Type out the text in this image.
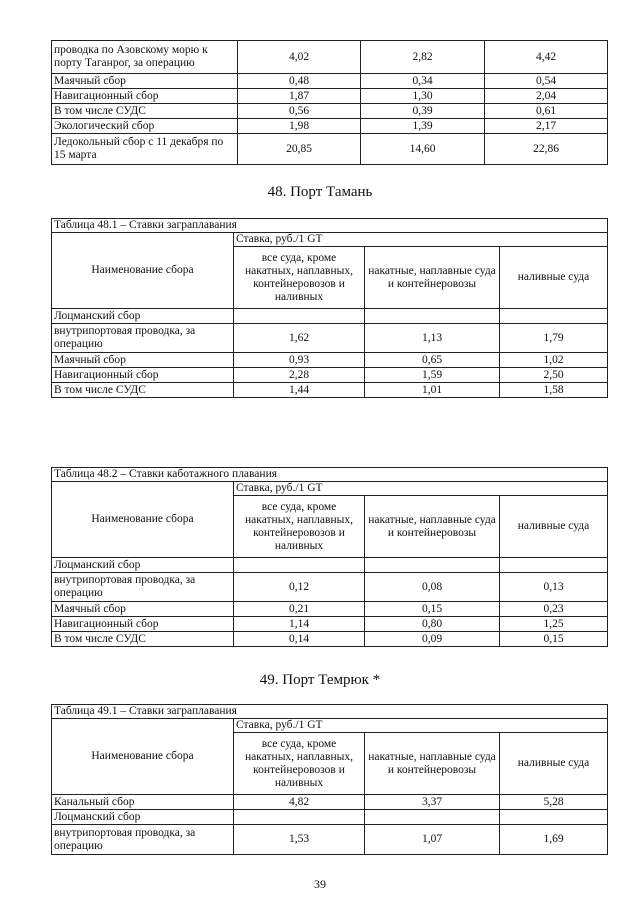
проводка по Азовскому морю к порту Таганрог, за операцию	4,02	2,82	4,42
Маячный сбор	0,48	0,34	0,54
Навигационный сбор	1,87	1,30	2,04
В том числе СУДС	0,56	0,39	0,61
Экологический сбор	1,98	1,39	2,17
Ледокольный сбор с 11 декабря по 15 марта	20,85	14,60	22,86
48. Порт Тамань
Таблица 48.1 – Ставки заграплавания			
Наименование сбора	Ставка, руб./1 GT		
	все суда, кроме накатных, наплавных, контейнеровозов и наливных	накатные, наплавные суда и контейнеровозы	наливные суда
Лоцманский сбор			
внутрипортовая проводка, за операцию	1,62	1,13	1,79
Маячный сбор	0,93	0,65	1,02
Навигационный сбор	2,28	1,59	2,50
В том числе СУДС	1,44	1,01	1,58
Таблица 48.2 – Ставки каботажного плавания			
Наименование сбора	Ставка, руб./1 GT		
	все суда, кроме накатных, наплавных, контейнеровозов и наливных	накатные, наплавные суда и контейнеровозы	наливные суда
Лоцманский сбор			
внутрипортовая проводка, за операцию	0,12	0,08	0,13
Маячный сбор	0,21	0,15	0,23
Навигационный сбор	1,14	0,80	1,25
В том числе СУДС	0,14	0,09	0,15
49. Порт Темрюк *
Таблица 49.1 – Ставки заграплавания			
Наименование сбора	Ставка, руб./1 GT		
	все суда, кроме накатных, наплавных, контейнеровозов и наливных	накатные, наплавные суда и контейнеровозы	наливные суда
Канальный сбор	4,82	3,37	5,28
Лоцманский сбор			
внутрипортовая проводка, за операцию	1,53	1,07	1,69
39
